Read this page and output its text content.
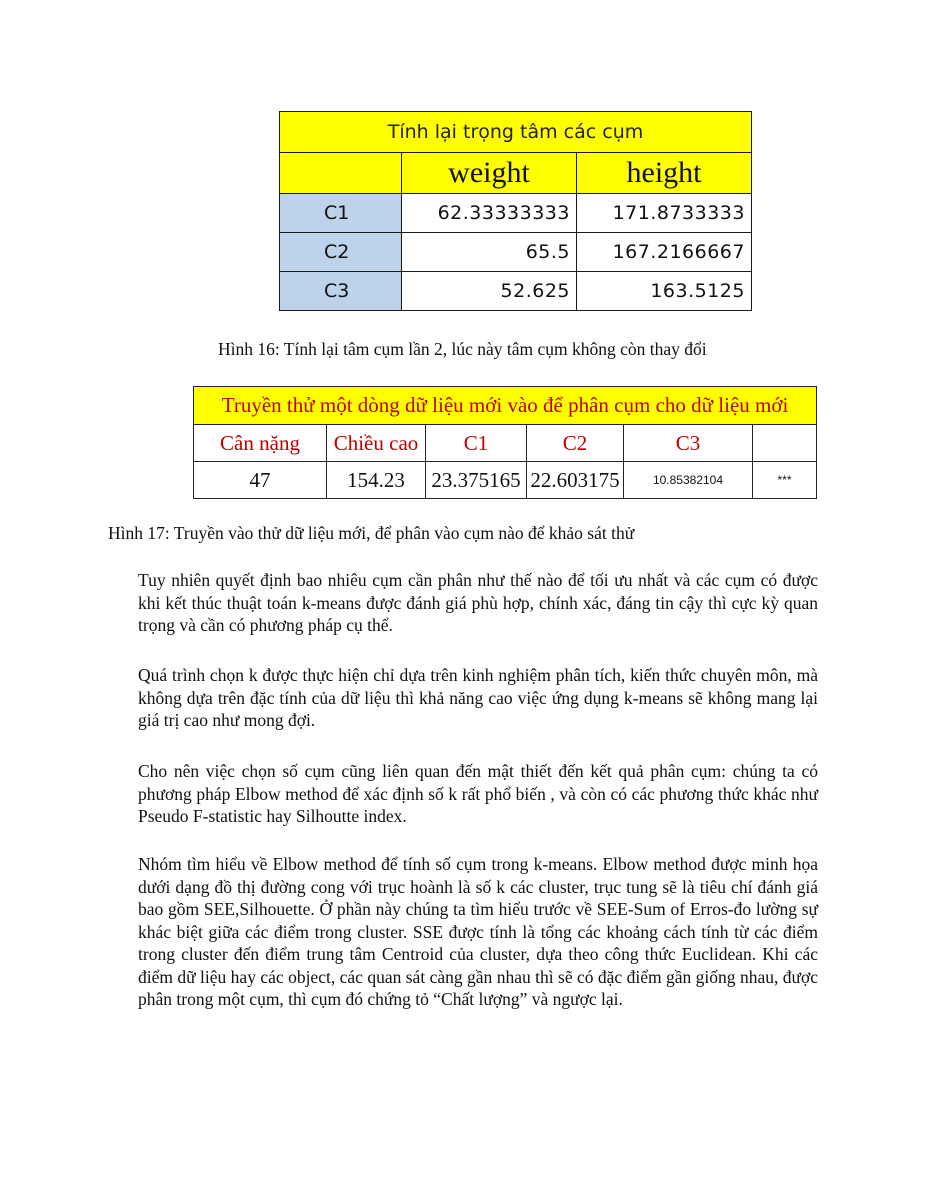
Tính lại trọng tâm các cụm		
	weight	height
C1	62.33333333	171.8733333
C2	65.5	167.2166667
C3	52.625	163.5125
Hình 16: Tính lại tâm cụm lần 2, lúc này tâm cụm không còn thay đổi
Truyền thử một dòng dữ liệu mới vào để phân cụm cho dữ liệu mới					
Cân nặng	Chiều cao	C1	C2	C3	
47	154.23	23.375165	22.603175	10.85382104	***
Hình 17: Truyền vào thử dữ liệu mới, để phân vào cụm nào để khảo sát thử

Tuy nhiên quyết định bao nhiêu cụm cần phân như thế nào để tối ưu nhất và các cụm có được khi kết thúc thuật toán k-means được đánh giá phù hợp, chính xác, đáng tin cậy thì cực kỳ quan trọng và cần có phương pháp cụ thể.

Quá trình chọn k được thực hiện chỉ dựa trên kinh nghiệm phân tích, kiến thức chuyên môn, mà không dựa trên đặc tính của dữ liệu thì khả năng cao việc ứng dụng k-means sẽ không mang lại giá trị cao như mong đợi.

Cho nên việc chọn số cụm cũng liên quan đến mật thiết đến kết quả phân cụm: chúng ta có phương pháp Elbow method để xác định số k rất phổ biến , và còn có các phương thức khác như Pseudo F-statistic hay Silhoutte index.

Nhóm tìm hiểu về Elbow method để tính số cụm trong k-means. Elbow method được minh họa dưới dạng đồ thị đường cong với trục hoành là số k các cluster, trục tung sẽ là tiêu chí đánh giá bao gồm SEE,Silhouette. Ở phần này chúng ta tìm hiểu trước về SEE-Sum of Erros-đo lường sự khác biệt giữa các điểm trong cluster. SSE được tính là tổng các khoảng cách tính từ các điểm trong cluster đến điểm trung tâm Centroid của cluster, dựa theo công thức Euclidean. Khi các điểm dữ liệu hay các object, các quan sát càng gần nhau thì sẽ có đặc điểm gần giống nhau, được phân trong một cụm, thì cụm đó chứng tỏ “Chất lượng” và ngược lại.
